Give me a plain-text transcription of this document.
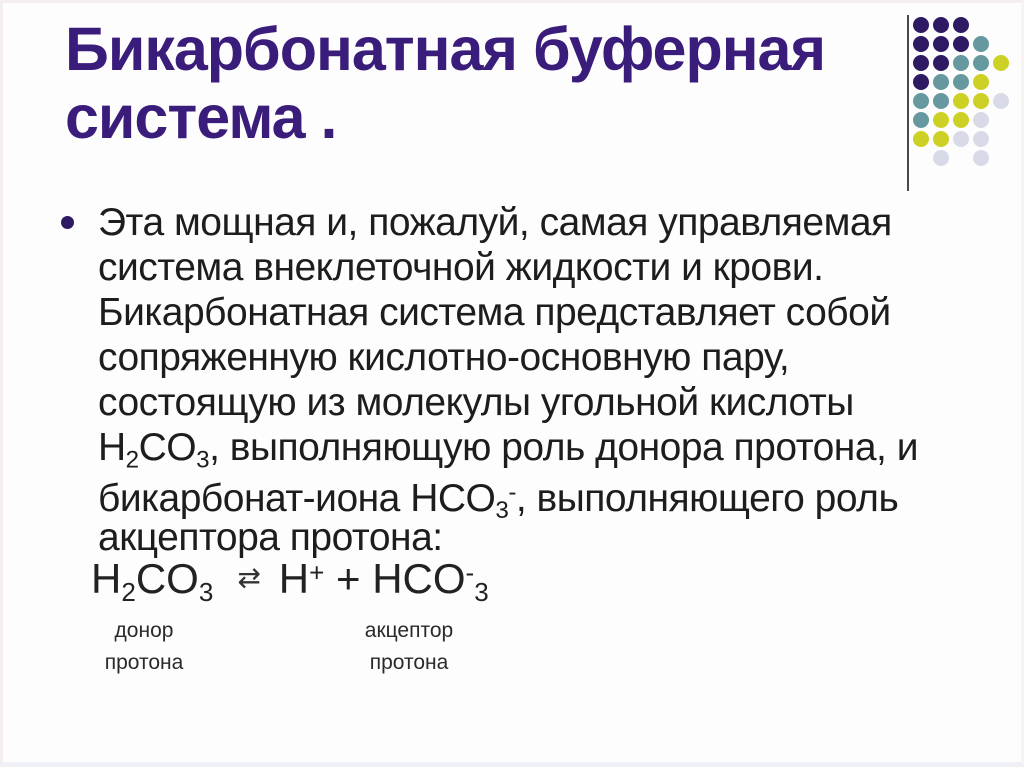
Бикарбонатная буферная
система .
Эта мощная и, пожалуй, самая управляемая
система внеклеточной жидкости и крови.
Бикарбонатная система представляет собой
сопряженную кислотно-основную пару,
состоящую из молекулы угольной кислоты
$H_2CO_3$, выполняющую роль донора протона, и
бикарбонат-иона $HCO_3^-$, выполняющего роль
акцептора протона:
$H_2CO_3$ ⇄ $H^+ + HCO^-_3$
донор
протона
акцептор
протона
